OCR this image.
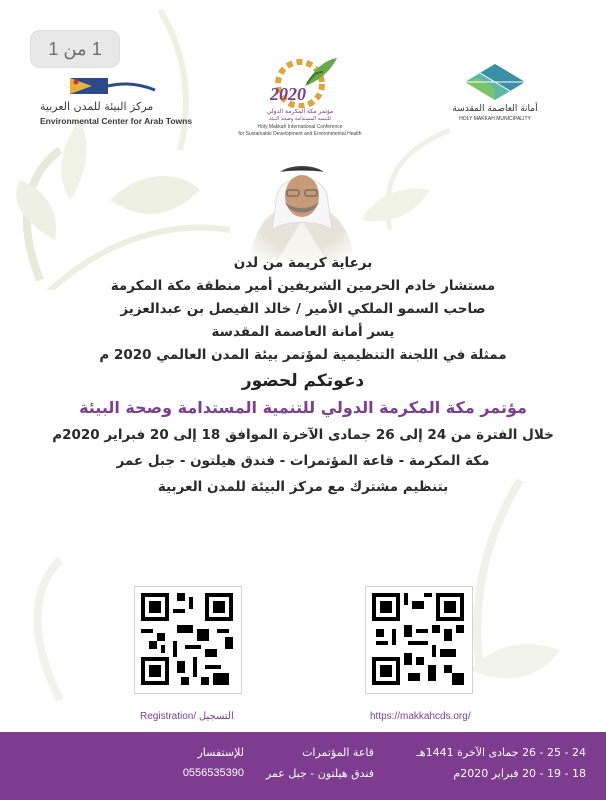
1 من 1
مركز البيئة للمدن العربية
Environmental Center for Arab Towns
2020
مؤتمر مكة المكرمة الدولي
للتنمية المستدامة وصحة البيئة
Holy Makkah International Conference
for Sustainable Development and Environmental Health
أمانة العاصمة المقدسة
HOLY MAKKAH MUNICIPALITY
برعاية كريمة من لدن
مستشار خادم الحرمين الشريفين أمير منطقة مكة المكرمة
صاحب السمو الملكي الأمير / خالد الفيصل بن عبدالعزيز
يسر أمانة العاصمة المقدسة
ممثلة في اللجنة التنظيمية لمؤتمر بيئة المدن العالمي 2020 م
دعوتكم لحضور
مؤتمر مكة المكرمة الدولي للتنمية المستدامة وصحة البيئة
خلال الفترة من 24 إلى 26 جمادى الآخرة الموافق 18 إلى 20 فبراير 2020م
مكة المكرمة - قاعة المؤتمرات - فندق هيلتون - جبل عمر
بتنظيم مشترك مع مركز البيئة للمدن العربية
Registration/ التسجيل	https://makkahcds.org/
للإستفسار
0556535390
قاعة المؤتمرات
فندق هيلتون - جبل عمر
24 - 25 - 26 جمادى الآخرة 1441هـ
18 - 19 - 20 فبراير 2020م
